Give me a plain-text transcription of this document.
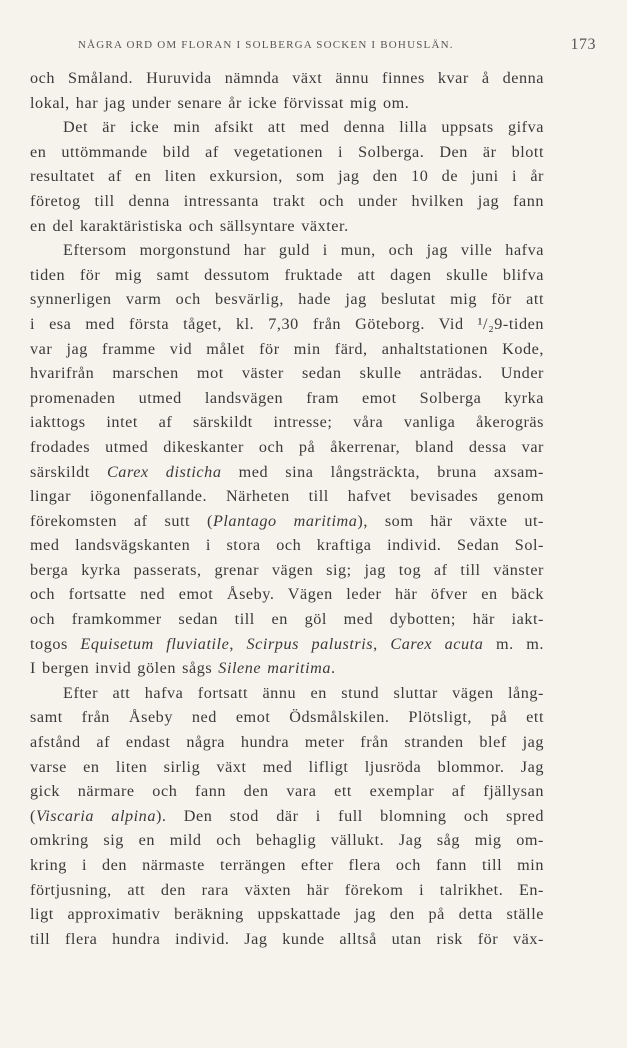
NÅGRA ORD OM FLORAN I SOLBERGA SOCKEN I BOHUSLÄN.	173
och Småland. Huruvida nämnda växt ännu finnes kvar å denna
lokal, har jag under senare år icke förvissat mig om.
Det är icke min afsikt att med denna lilla uppsats gifva
en uttömmande bild af vegetationen i Solberga. Den är blott
resultatet af en liten exkursion, som jag den 10 de juni i år
företog till denna intressanta trakt och under hvilken jag fann
en del karaktäristiska och sällsyntare växter.
Eftersom morgonstund har guld i mun, och jag ville hafva
tiden för mig samt dessutom fruktade att dagen skulle blifva
synnerligen varm och besvärlig, hade jag beslutat mig för att
i esa med första tåget, kl. 7,30 från Göteborg. Vid ¹/₂9-tiden
var jag framme vid målet för min färd, anhaltstationen Kode,
hvarifrån marschen mot väster sedan skulle anträdas. Under
promenaden utmed landsvägen fram emot Solberga kyrka
iakttogs intet af särskildt intresse; våra vanliga åkerogräs
frodades utmed dikeskanter och på åkerrenar, bland dessa var
särskildt Carex disticha med sina långsträckta, bruna axsam-
lingar iögonenfallande. Närheten till hafvet bevisades genom
förekomsten af sutt (Plantago maritima), som här växte ut-
med landsvägskanten i stora och kraftiga individ. Sedan Sol-
berga kyrka passerats, grenar vägen sig; jag tog af till vänster
och fortsatte ned emot Åseby. Vägen leder här öfver en bäck
och framkommer sedan till en göl med dybotten; här iakt-
togos Equisetum fluviatile, Scirpus palustris, Carex acuta m. m.
I bergen invid gölen sågs Silene maritima.
Efter att hafva fortsatt ännu en stund sluttar vägen lång-
samt från Åseby ned emot Ödsmålskilen. Plötsligt, på ett
afstånd af endast några hundra meter från stranden blef jag
varse en liten sirlig växt med lifligt ljusröda blommor. Jag
gick närmare och fann den vara ett exemplar af fjällysan
(Viscaria alpina). Den stod där i full blomning och spred
omkring sig en mild och behaglig vällukt. Jag såg mig om-
kring i den närmaste terrängen efter flera och fann till min
förtjusning, att den rara växten här förekom i talrikhet. En-
ligt approximativ beräkning uppskattade jag den på detta ställe
till flera hundra individ. Jag kunde alltså utan risk för väx-
